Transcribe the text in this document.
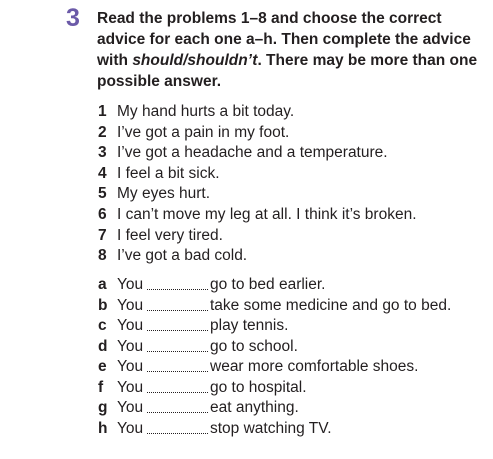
3 Read the problems 1–8 and choose the correct advice for each one a–h. Then complete the advice with should/shouldn’t. There may be more than one possible answer.
1 My hand hurts a bit today.
2 I’ve got a pain in my foot.
3 I’ve got a headache and a temperature.
4 I feel a bit sick.
5 My eyes hurt.
6 I can’t move my leg at all. I think it’s broken.
7 I feel very tired.
8 I’ve got a bad cold.
a You	go to bed earlier.
b You	take some medicine and go to bed.
c You	play tennis.
d You	go to school.
e You	wear more comfortable shoes.
f You	go to hospital.
g You	eat anything.
h You	stop watching TV.
